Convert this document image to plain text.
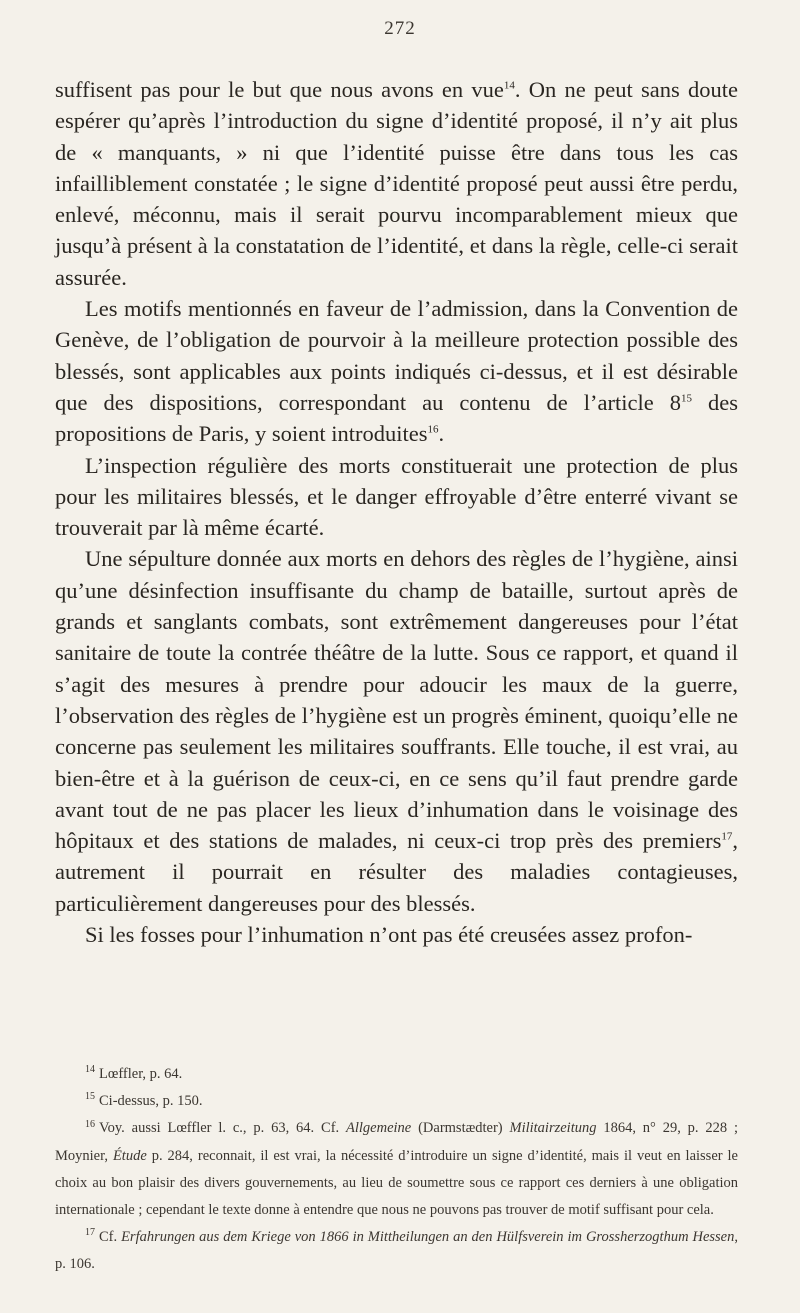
272

suffisent pas pour le but que nous avons en vue$^{14}$. On ne peut sans doute espérer qu’après l’introduction du signe d’identité proposé, il n’y ait plus de « manquants, » ni que l’identité puisse être dans tous les cas infailliblement constatée ; le signe d’identité proposé peut aussi être perdu, enlevé, méconnu, mais il serait pourvu incomparablement mieux que jusqu’à présent à la constatation de l’identité, et dans la règle, celle-ci serait assurée.

Les motifs mentionnés en faveur de l’admission, dans la Convention de Genève, de l’obligation de pourvoir à la meilleure protection possible des blessés, sont applicables aux points indiqués ci-dessus, et il est désirable que des dispositions, correspondant au contenu de l’article $8^{15}$ des propositions de Paris, y soient introduites$^{16}$.

L’inspection régulière des morts constituerait une protection de plus pour les militaires blessés, et le danger effroyable d’être enterré vivant se trouverait par là même écarté.

Une sépulture donnée aux morts en dehors des règles de l’hygiène, ainsi qu’une désinfection insuffisante du champ de bataille, surtout après de grands et sanglants combats, sont extrêmement dangereuses pour l’état sanitaire de toute la contrée théâtre de la lutte. Sous ce rapport, et quand il s’agit des mesures à prendre pour adoucir les maux de la guerre, l’observation des règles de l’hygiène est un progrès éminent, quoiqu’elle ne concerne pas seulement les militaires souffrants. Elle touche, il est vrai, au bien-être et à la guérison de ceux-ci, en ce sens qu’il faut prendre garde avant tout de ne pas placer les lieux d’inhumation dans le voisinage des hôpitaux et des stations de malades, ni ceux-ci trop près des premiers$^{17}$, autrement il pourrait en résulter des maladies contagieuses, particulièrement dangereuses pour des blessés.

Si les fosses pour l’inhumation n’ont pas été creusées assez profon-

$^{14}$ Lœffler, p. 64.

$^{15}$ Ci-dessus, p. 150.

$^{16}$ Voy. aussi Lœffler l. c., p. 63, 64. Cf. Allgemeine (Darmstædter) Militairzeitung 1864, n° 29, p. 228 ; Moynier, Étude p. 284, reconnait, il est vrai, la nécessité d’introduire un signe d’identité, mais il veut en laisser le choix au bon plaisir des divers gouvernements, au lieu de soumettre sous ce rapport ces derniers à une obligation internationale ; cependant le texte donne à entendre que nous ne pouvons pas trouver de motif suffisant pour cela.

$^{17}$ Cf. Erfahrungen aus dem Kriege von 1866 in Mittheilungen an den Hülfsverein im Grossherzogthum Hessen, p. 106.
